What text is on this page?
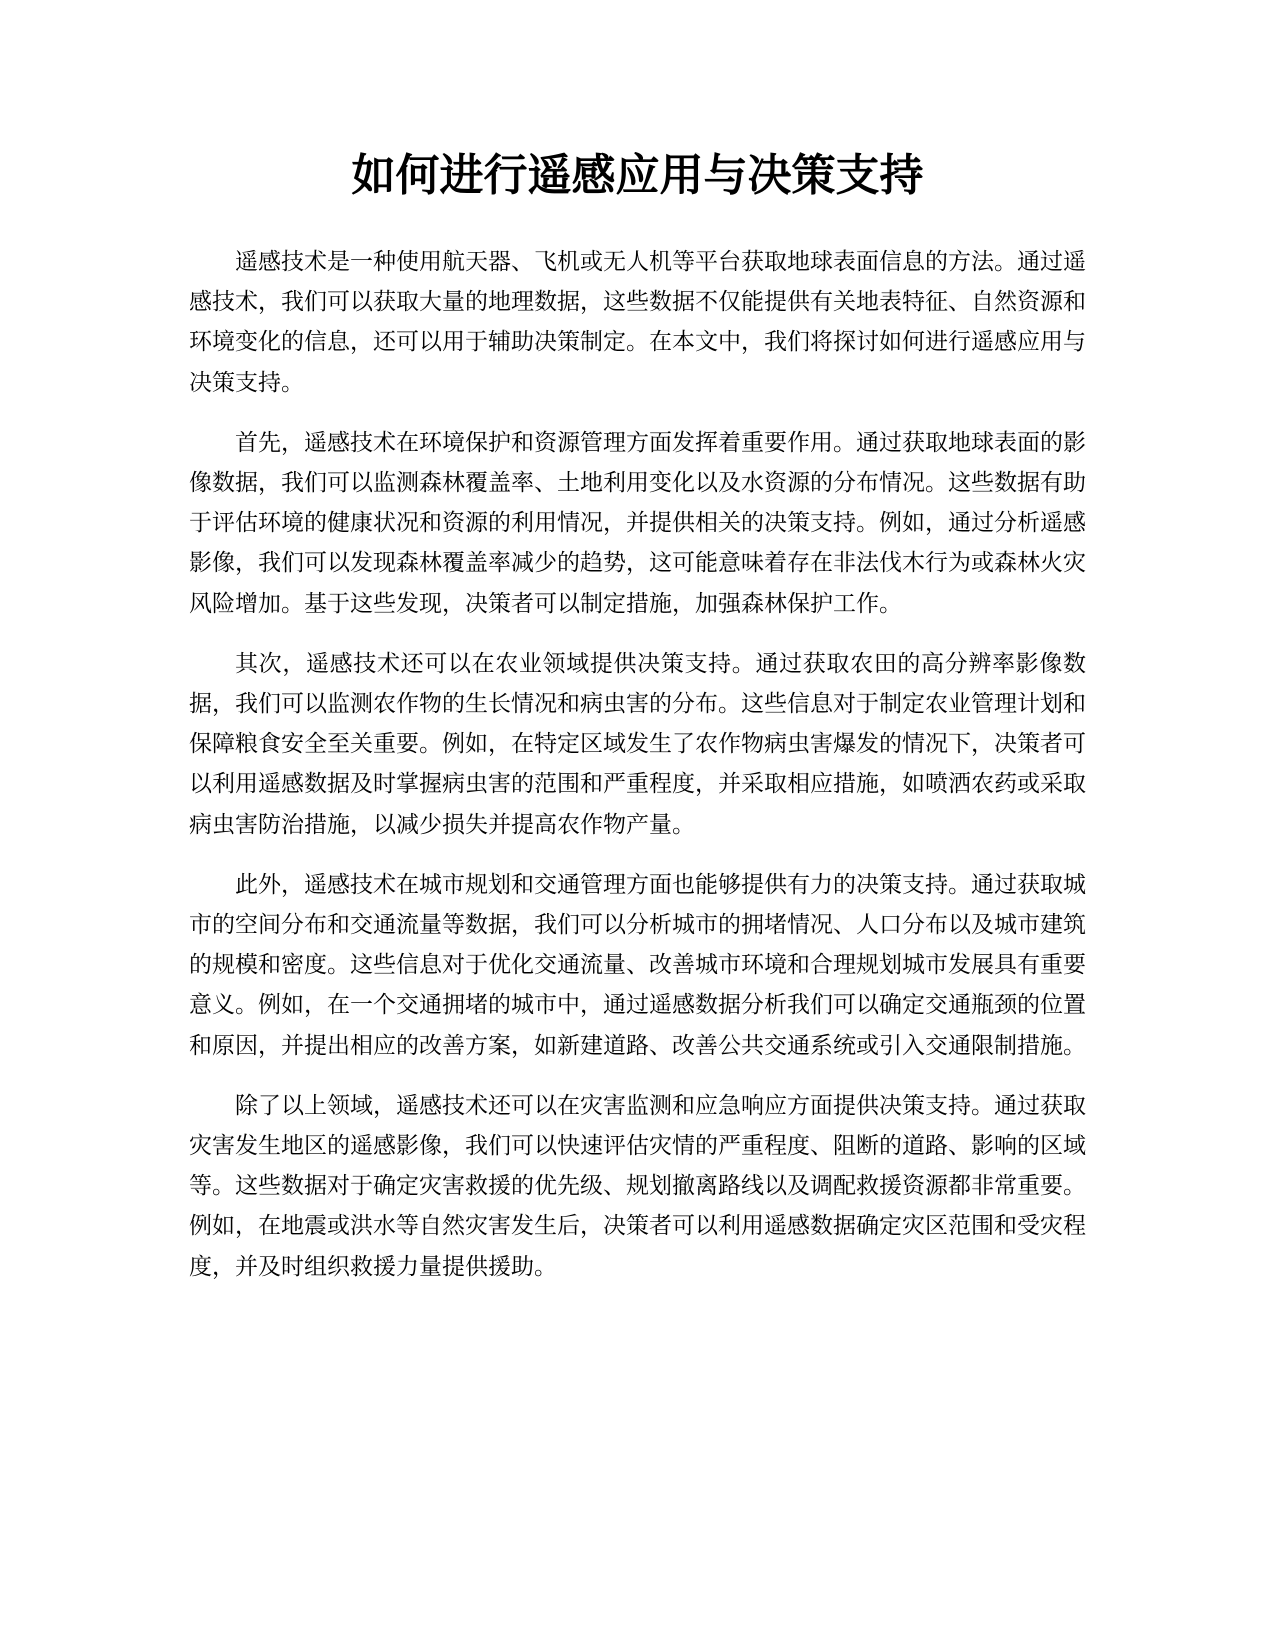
如何进行遥感应用与决策支持

遥感技术是一种使用航天器、飞机或无人机等平台获取地球表面信息的方法。通过遥感技术，我们可以获取大量的地理数据，这些数据不仅能提供有关地表特征、自然资源和环境变化的信息，还可以用于辅助决策制定。在本文中，我们将探讨如何进行遥感应用与决策支持。

首先，遥感技术在环境保护和资源管理方面发挥着重要作用。通过获取地球表面的影像数据，我们可以监测森林覆盖率、土地利用变化以及水资源的分布情况。这些数据有助于评估环境的健康状况和资源的利用情况，并提供相关的决策支持。例如，通过分析遥感影像，我们可以发现森林覆盖率减少的趋势，这可能意味着存在非法伐木行为或森林火灾风险增加。基于这些发现，决策者可以制定措施，加强森林保护工作。

其次，遥感技术还可以在农业领域提供决策支持。通过获取农田的高分辨率影像数据，我们可以监测农作物的生长情况和病虫害的分布。这些信息对于制定农业管理计划和保障粮食安全至关重要。例如，在特定区域发生了农作物病虫害爆发的情况下，决策者可以利用遥感数据及时掌握病虫害的范围和严重程度，并采取相应措施，如喷洒农药或采取病虫害防治措施，以减少损失并提高农作物产量。

此外，遥感技术在城市规划和交通管理方面也能够提供有力的决策支持。通过获取城市的空间分布和交通流量等数据，我们可以分析城市的拥堵情况、人口分布以及城市建筑的规模和密度。这些信息对于优化交通流量、改善城市环境和合理规划城市发展具有重要意义。例如，在一个交通拥堵的城市中，通过遥感数据分析我们可以确定交通瓶颈的位置和原因，并提出相应的改善方案，如新建道路、改善公共交通系统或引入交通限制措施。

除了以上领域，遥感技术还可以在灾害监测和应急响应方面提供决策支持。通过获取灾害发生地区的遥感影像，我们可以快速评估灾情的严重程度、阻断的道路、影响的区域等。这些数据对于确定灾害救援的优先级、规划撤离路线以及调配救援资源都非常重要。例如，在地震或洪水等自然灾害发生后，决策者可以利用遥感数据确定灾区范围和受灾程度，并及时组织救援力量提供援助。
